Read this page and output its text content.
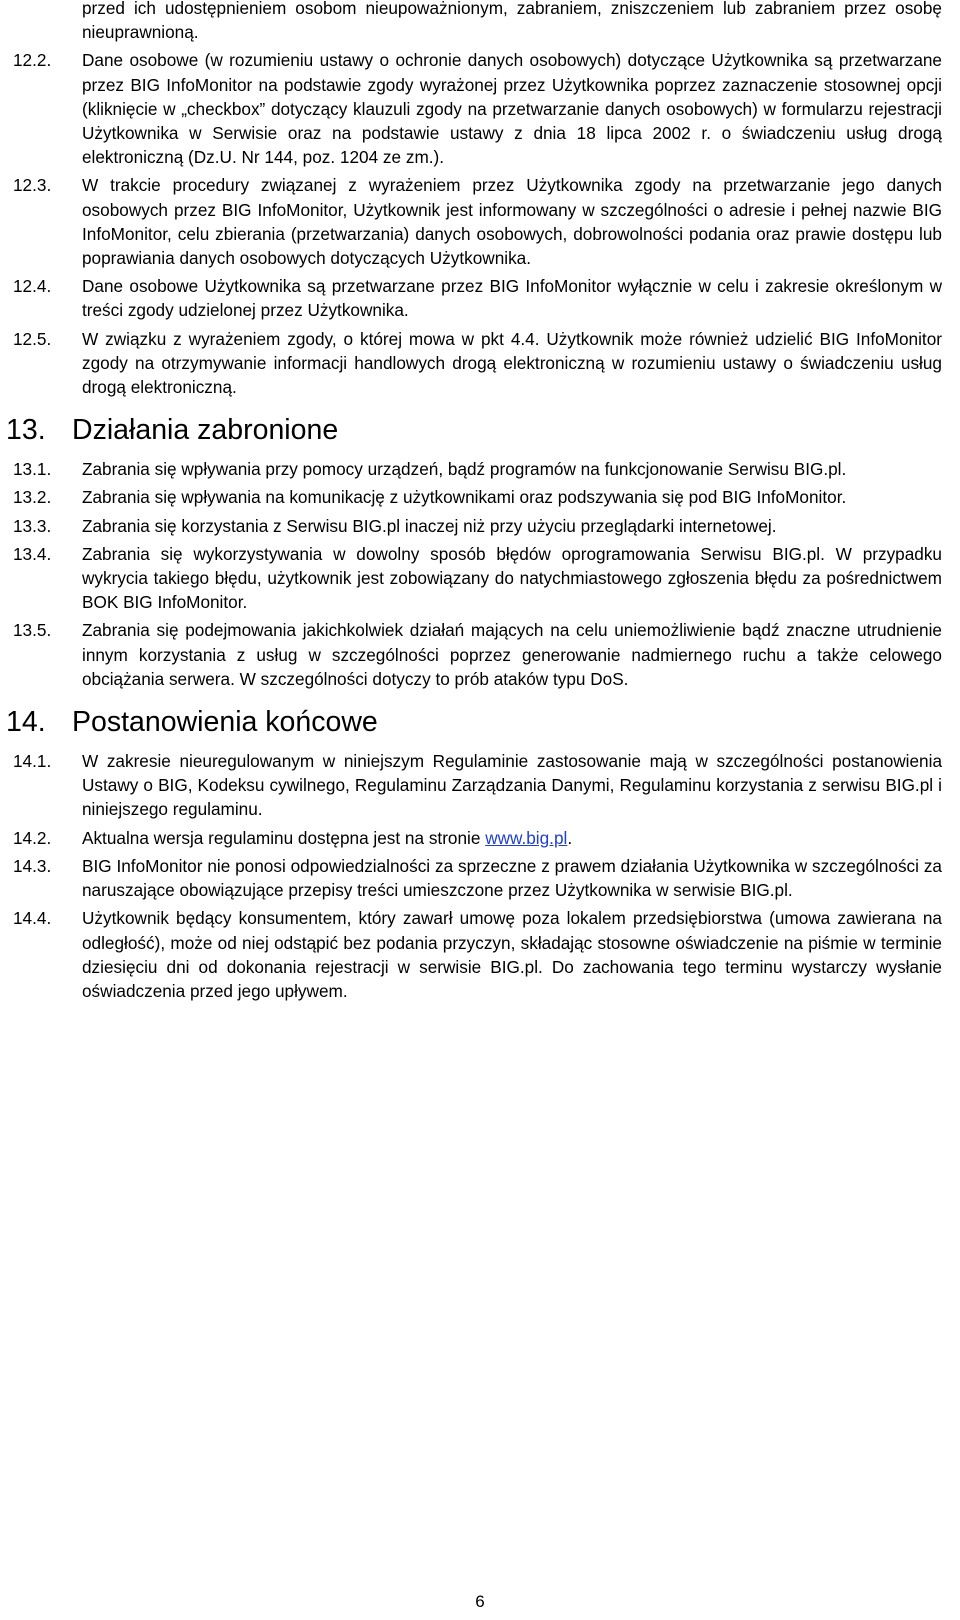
przed ich udostępnieniem osobom nieupoważnionym, zabraniem, zniszczeniem lub zabraniem przez osobę nieuprawnioną.
12.2. Dane osobowe (w rozumieniu ustawy o ochronie danych osobowych) dotyczące Użytkownika są przetwarzane przez BIG InfoMonitor na podstawie zgody wyrażonej przez Użytkownika poprzez zaznaczenie stosownej opcji (kliknięcie w „checkbox” dotyczący klauzuli zgody na przetwarzanie danych osobowych) w formularzu rejestracji Użytkownika w Serwisie oraz na podstawie ustawy z dnia 18 lipca 2002 r. o świadczeniu usług drogą elektroniczną (Dz.U. Nr 144, poz. 1204 ze zm.).
12.3. W trakcie procedury związanej z wyrażeniem przez Użytkownika zgody na przetwarzanie jego danych osobowych przez BIG InfoMonitor, Użytkownik jest informowany w szczególności o adresie i pełnej nazwie BIG InfoMonitor, celu zbierania (przetwarzania) danych osobowych, dobrowolności podania oraz prawie dostępu lub poprawiania danych osobowych dotyczących Użytkownika.
12.4. Dane osobowe Użytkownika są przetwarzane przez BIG InfoMonitor wyłącznie w celu i zakresie określonym w treści zgody udzielonej przez Użytkownika.
12.5. W związku z wyrażeniem zgody, o której mowa w pkt 4.4. Użytkownik może również udzielić BIG InfoMonitor zgody na otrzymywanie informacji handlowych drogą elektroniczną w rozumieniu ustawy o świadczeniu usług drogą elektroniczną.
13. Działania zabronione
13.1. Zabrania się wpływania przy pomocy urządzeń, bądź programów na funkcjonowanie Serwisu BIG.pl.
13.2. Zabrania się wpływania na komunikację z użytkownikami oraz podszywania się pod BIG InfoMonitor.
13.3. Zabrania się korzystania z Serwisu BIG.pl inaczej niż przy użyciu przeglądarki internetowej.
13.4. Zabrania się wykorzystywania w dowolny sposób błędów oprogramowania Serwisu BIG.pl. W przypadku wykrycia takiego błędu, użytkownik jest zobowiązany do natychmiastowego zgłoszenia błędu za pośrednictwem BOK BIG InfoMonitor.
13.5. Zabrania się podejmowania jakichkolwiek działań mających na celu uniemożliwienie bądź znaczne utrudnienie innym korzystania z usług w szczególności poprzez generowanie nadmiernego ruchu a także celowego obciążania serwera. W szczególności dotyczy to prób ataków typu DoS.
14. Postanowienia końcowe
14.1. W zakresie nieuregulowanym w niniejszym Regulaminie zastosowanie mają w szczególności postanowienia Ustawy o BIG, Kodeksu cywilnego, Regulaminu Zarządzania Danymi, Regulaminu korzystania z serwisu BIG.pl i niniejszego regulaminu.
14.2. Aktualna wersja regulaminu dostępna jest na stronie www.big.pl.
14.3. BIG InfoMonitor nie ponosi odpowiedzialności za sprzeczne z prawem działania Użytkownika w szczególności za naruszające obowiązujące przepisy treści umieszczone przez Użytkownika w serwisie BIG.pl.
14.4. Użytkownik będący konsumentem, który zawarł umowę poza lokalem przedsiębiorstwa (umowa zawierana na odległość), może od niej odstąpić bez podania przyczyn, składając stosowne oświadczenie na piśmie w terminie dziesięciu dni od dokonania rejestracji w serwisie BIG.pl. Do zachowania tego terminu wystarczy wysłanie oświadczenia przed jego upływem.
6
